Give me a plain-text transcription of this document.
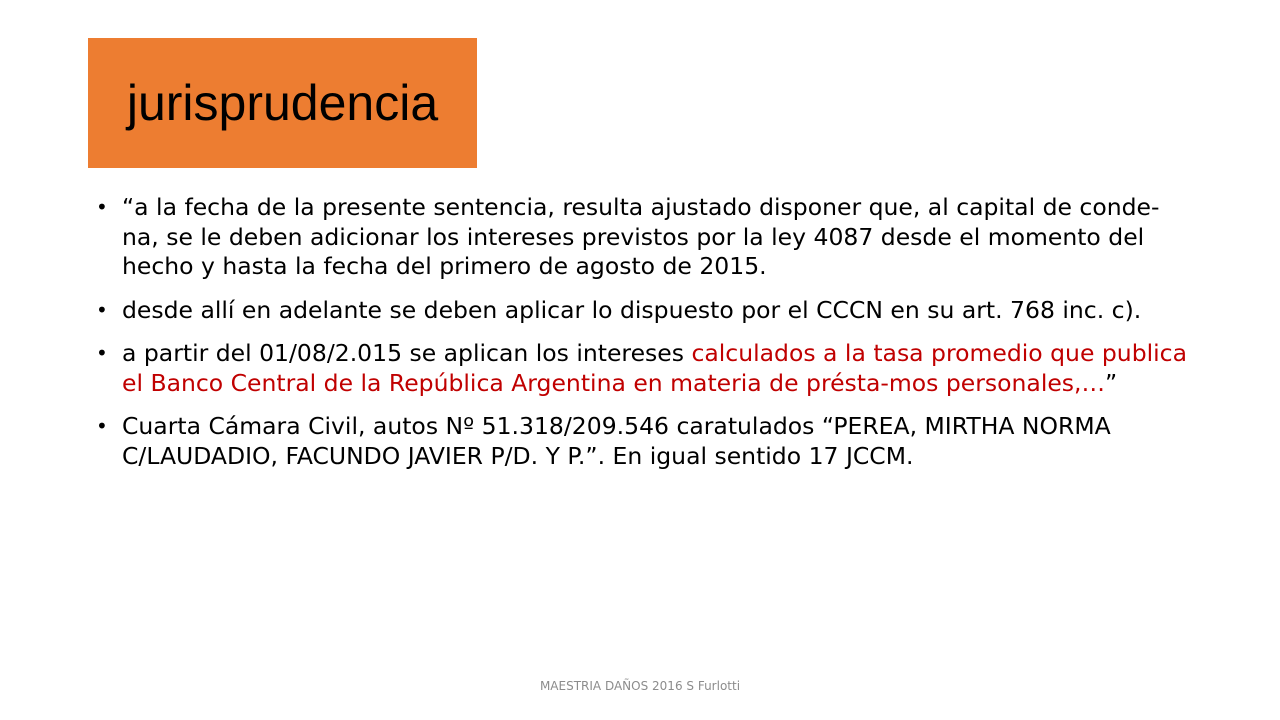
jurisprudencia
• “a la fecha de la presente sentencia, resulta ajustado disponer que, al capital de conde-na, se le deben adicionar los intereses previstos por la ley 4087 desde el momento del hecho y hasta la fecha del primero de agosto de 2015.
• desde allí en adelante se deben aplicar lo dispuesto por el CCCN en su art. 768 inc. c).
• a partir del 01/08/2.015 se aplican los intereses calculados a la tasa promedio que publica el Banco Central de la República Argentina en materia de présta-mos personales,…”
• Cuarta Cámara Civil, autos Nº 51.318/209.546 caratulados “PEREA, MIRTHA NORMA C/LAUDADIO, FACUNDO JAVIER P/D. Y P.”. En igual sentido 17 JCCM.
MAESTRIA DAÑOS 2016 S Furlotti
